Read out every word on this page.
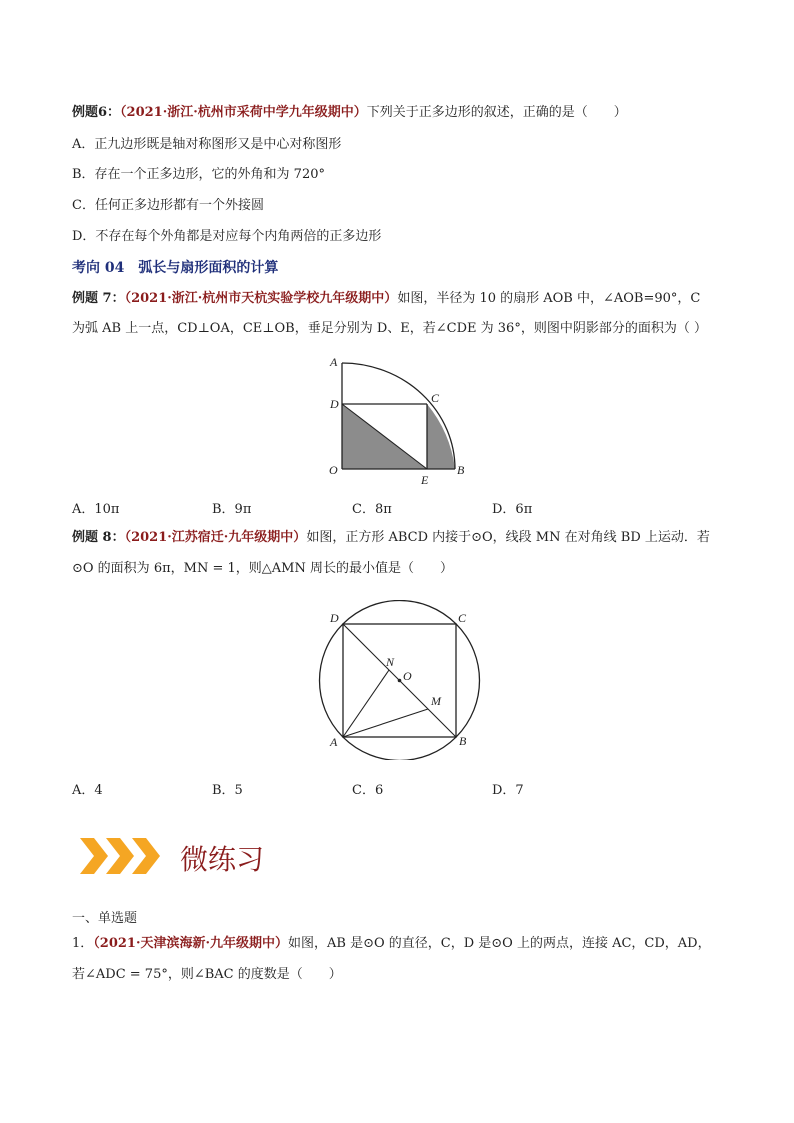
例题6：（2021·浙江·杭州市采荷中学九年级期中）下列关于正多边形的叙述，正确的是（　　）
A．正九边形既是轴对称图形又是中心对称图形
B．存在一个正多边形，它的外角和为 720°
C．任何正多边形都有一个外接圆
D．不存在每个外角都是对应每个内角两倍的正多边形
考向 04　弧长与扇形面积的计算
例题 7：（2021·浙江·杭州市天杭实验学校九年级期中）如图，半径为 10 的扇形 AOB 中，∠AOB=90°，C
为弧 AB 上一点，CD⊥OA，CE⊥OB，垂足分别为 D、E，若∠CDE 为 36°，则图中阴影部分的面积为（ ）
A
C
D
O
E
B
A．10π	B．9π	C．8π	D．6π
例题 8：（2021·江苏宿迁·九年级期中）如图，正方形 ABCD 内接于⊙O，线段 MN 在对角线 BD 上运动．若
⊙O 的面积为 6π，MN = 1，则△AMN 周长的最小值是（　　）
D	C
N
O
M
A	B
A．4	B．5	C．6	D．7
微练习
一、单选题
1．（2021·天津滨海新·九年级期中）如图，AB 是⊙O 的直径，C，D 是⊙O 上的两点，连接 AC，CD，AD，
若∠ADC = 75°，则∠BAC 的度数是（　　）
